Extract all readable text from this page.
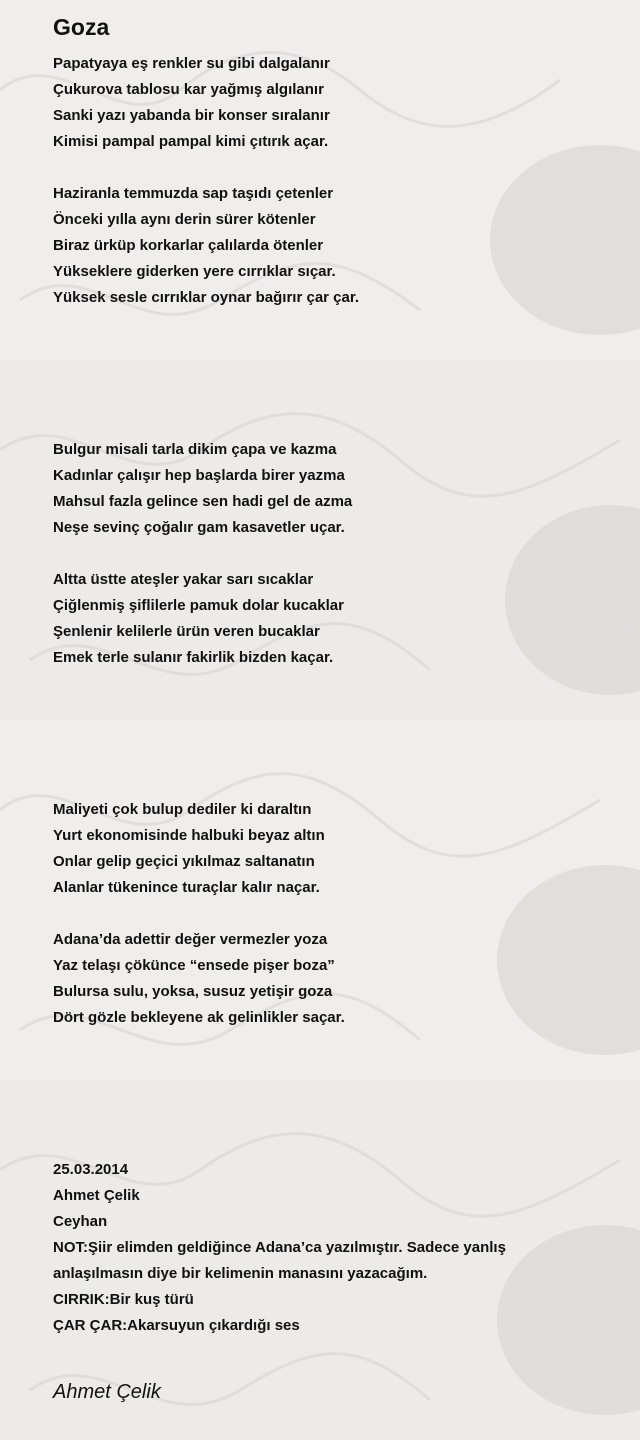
Goza
Papatyaya eş renkler su gibi dalgalanır
Çukurova tablosu kar yağmış algılanır
Sanki yazı yabanda bir konser sıralanır
Kimisi pampal pampal kimi çıtırık açar.
Haziranla temmuzda sap taşıdı çetenler
Önceki yılla aynı derin sürer kötenler
Biraz ürküp korkarlar çalılarda ötenler
Yükseklere giderken yere cırrıklar sıçar.
Yüksek sesle cırrıklar oynar bağırır çar çar.
Bulgur misali tarla dikim çapa ve kazma
Kadınlar çalışır hep başlarda birer yazma
Mahsul fazla gelince sen hadi gel de azma
Neşe sevinç çoğalır gam kasavetler uçar.
Altta üstte ateşler yakar sarı sıcaklar
Çiğlenmiş şiflilerle pamuk dolar kucaklar
Şenlenir kelilerle ürün veren bucaklar
Emek terle sulanır fakirlik bizden kaçar.
Maliyeti çok bulup dediler ki daraltın
Yurt ekonomisinde halbuki beyaz altın
Onlar gelip geçici yıkılmaz saltanatın
Alanlar tükenince turaçlar kalır naçar.
Adana’da adettir değer vermezler yoza
Yaz telaşı çökünce “ensede pişer boza”
Bulursa sulu, yoksa, susuz yetişir goza
Dört gözle bekleyene ak gelinlikler saçar.
25.03.2014
Ahmet Çelik
Ceyhan
NOT:Şiir elimden geldiğince Adana’ca yazılmıştır. Sadece yanlış
anlaşılmasın diye bir kelimenin manasını yazacağım.
CIRRIK:Bir kuş türü
ÇAR ÇAR:Akarsuyun çıkardığı ses
Ahmet Çelik
